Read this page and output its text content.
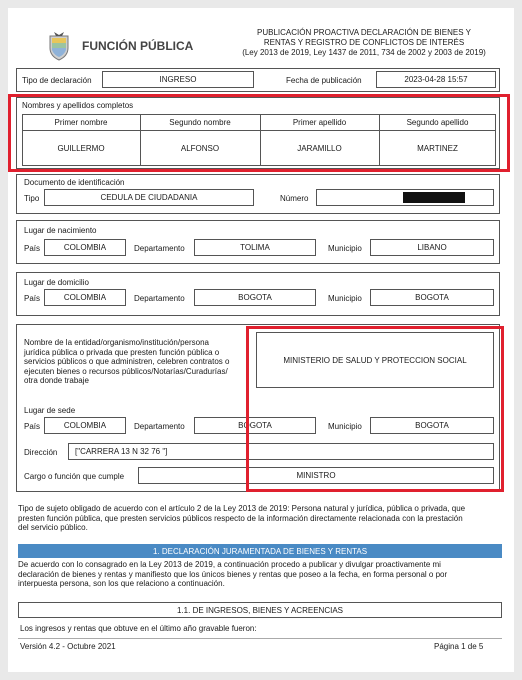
FUNCIÓN PÚBLICA
PUBLICACIÓN PROACTIVA DECLARACIÓN DE BIENES Y
RENTAS Y REGISTRO DE CONFLICTOS DE INTERÉS
(Ley 2013 de 2019, Ley 1437 de 2011, 734 de 2002 y 2003 de 2019)
Tipo de declaración	INGRESO	Fecha de publicación	2023-04-28 15:57
Nombres y apellidos completos
Primer nombre	Segundo nombre	Primer apellido	Segundo apellido
GUILLERMO	ALFONSO	JARAMILLO	MARTINEZ
Documento de identificación
Tipo	CEDULA DE CIUDADANIA	Número
Lugar de nacimiento
País	COLOMBIA	Departamento	TOLIMA	Municipio	LIBANO
Lugar de domicilio
País	COLOMBIA	Departamento	BOGOTA	Municipio	BOGOTA
Nombre de la entidad/organismo/institución/persona
jurídica pública o privada que presten función pública o
servicios públicos o que administren, celebren contratos o
ejecuten bienes o recursos públicos/Notarías/Curadurías/
otra donde trabaje
MINISTERIO DE SALUD Y PROTECCION SOCIAL
Lugar de sede
País	COLOMBIA	Departamento	BOGOTA	Municipio	BOGOTA
Dirección	["CARRERA 13 N 32 76 "]
Cargo o función que cumple	MINISTRO
Tipo de sujeto obligado de acuerdo con el artículo 2 de la Ley 2013 de 2019: Persona natural y jurídica, pública o privada, que
presten función pública, que presten servicios públicos respecto de la información directamente relacionada con la prestación
del servicio público.
1. DECLARACIÓN JURAMENTADA DE BIENES Y RENTAS
De acuerdo con lo consagrado en la Ley 2013 de 2019, a continuación procedo a publicar y divulgar proactivamente mi
declaración de bienes y rentas y manifiesto que los únicos bienes y rentas que poseo a la fecha, en forma personal o por
interpuesta persona, son los que relaciono a continuación.
1.1. DE INGRESOS, BIENES Y ACREENCIAS
Los ingresos y rentas que obtuve en el último año gravable fueron:
Versión 4.2 - Octubre 2021	Página 1 de 5
